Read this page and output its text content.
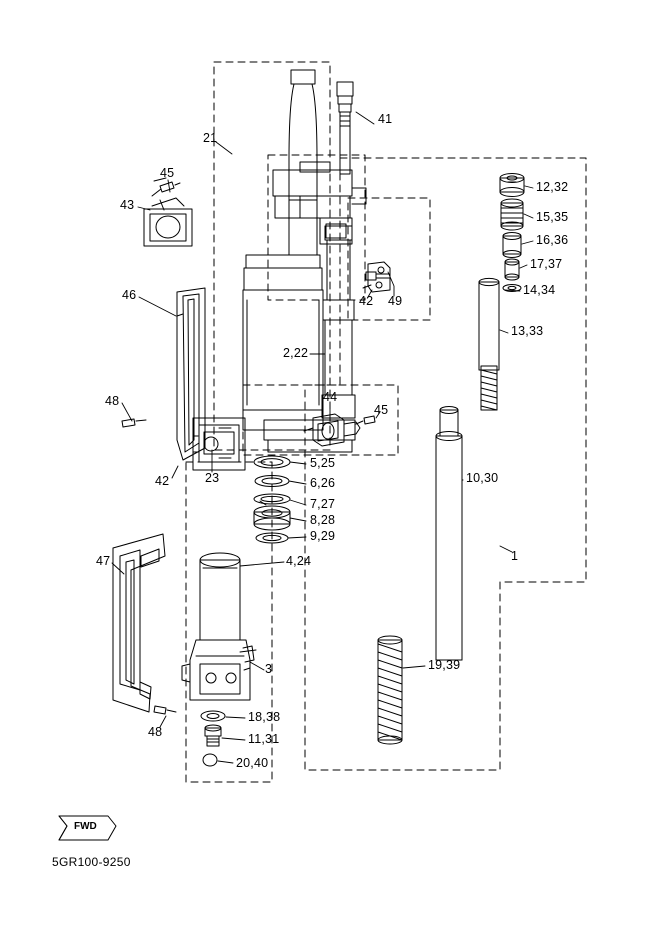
41
21
45
12,32
43
15,35
16,36
17,37
14,34
42 49
46
13,33
2,22
48	44
45
23
42	10,30
5,25
6,26
7,27
8,28
9,29
4,24	1
47
19,39
3
48
18,38
11,31
20,40
FWD
5GR100-9250
